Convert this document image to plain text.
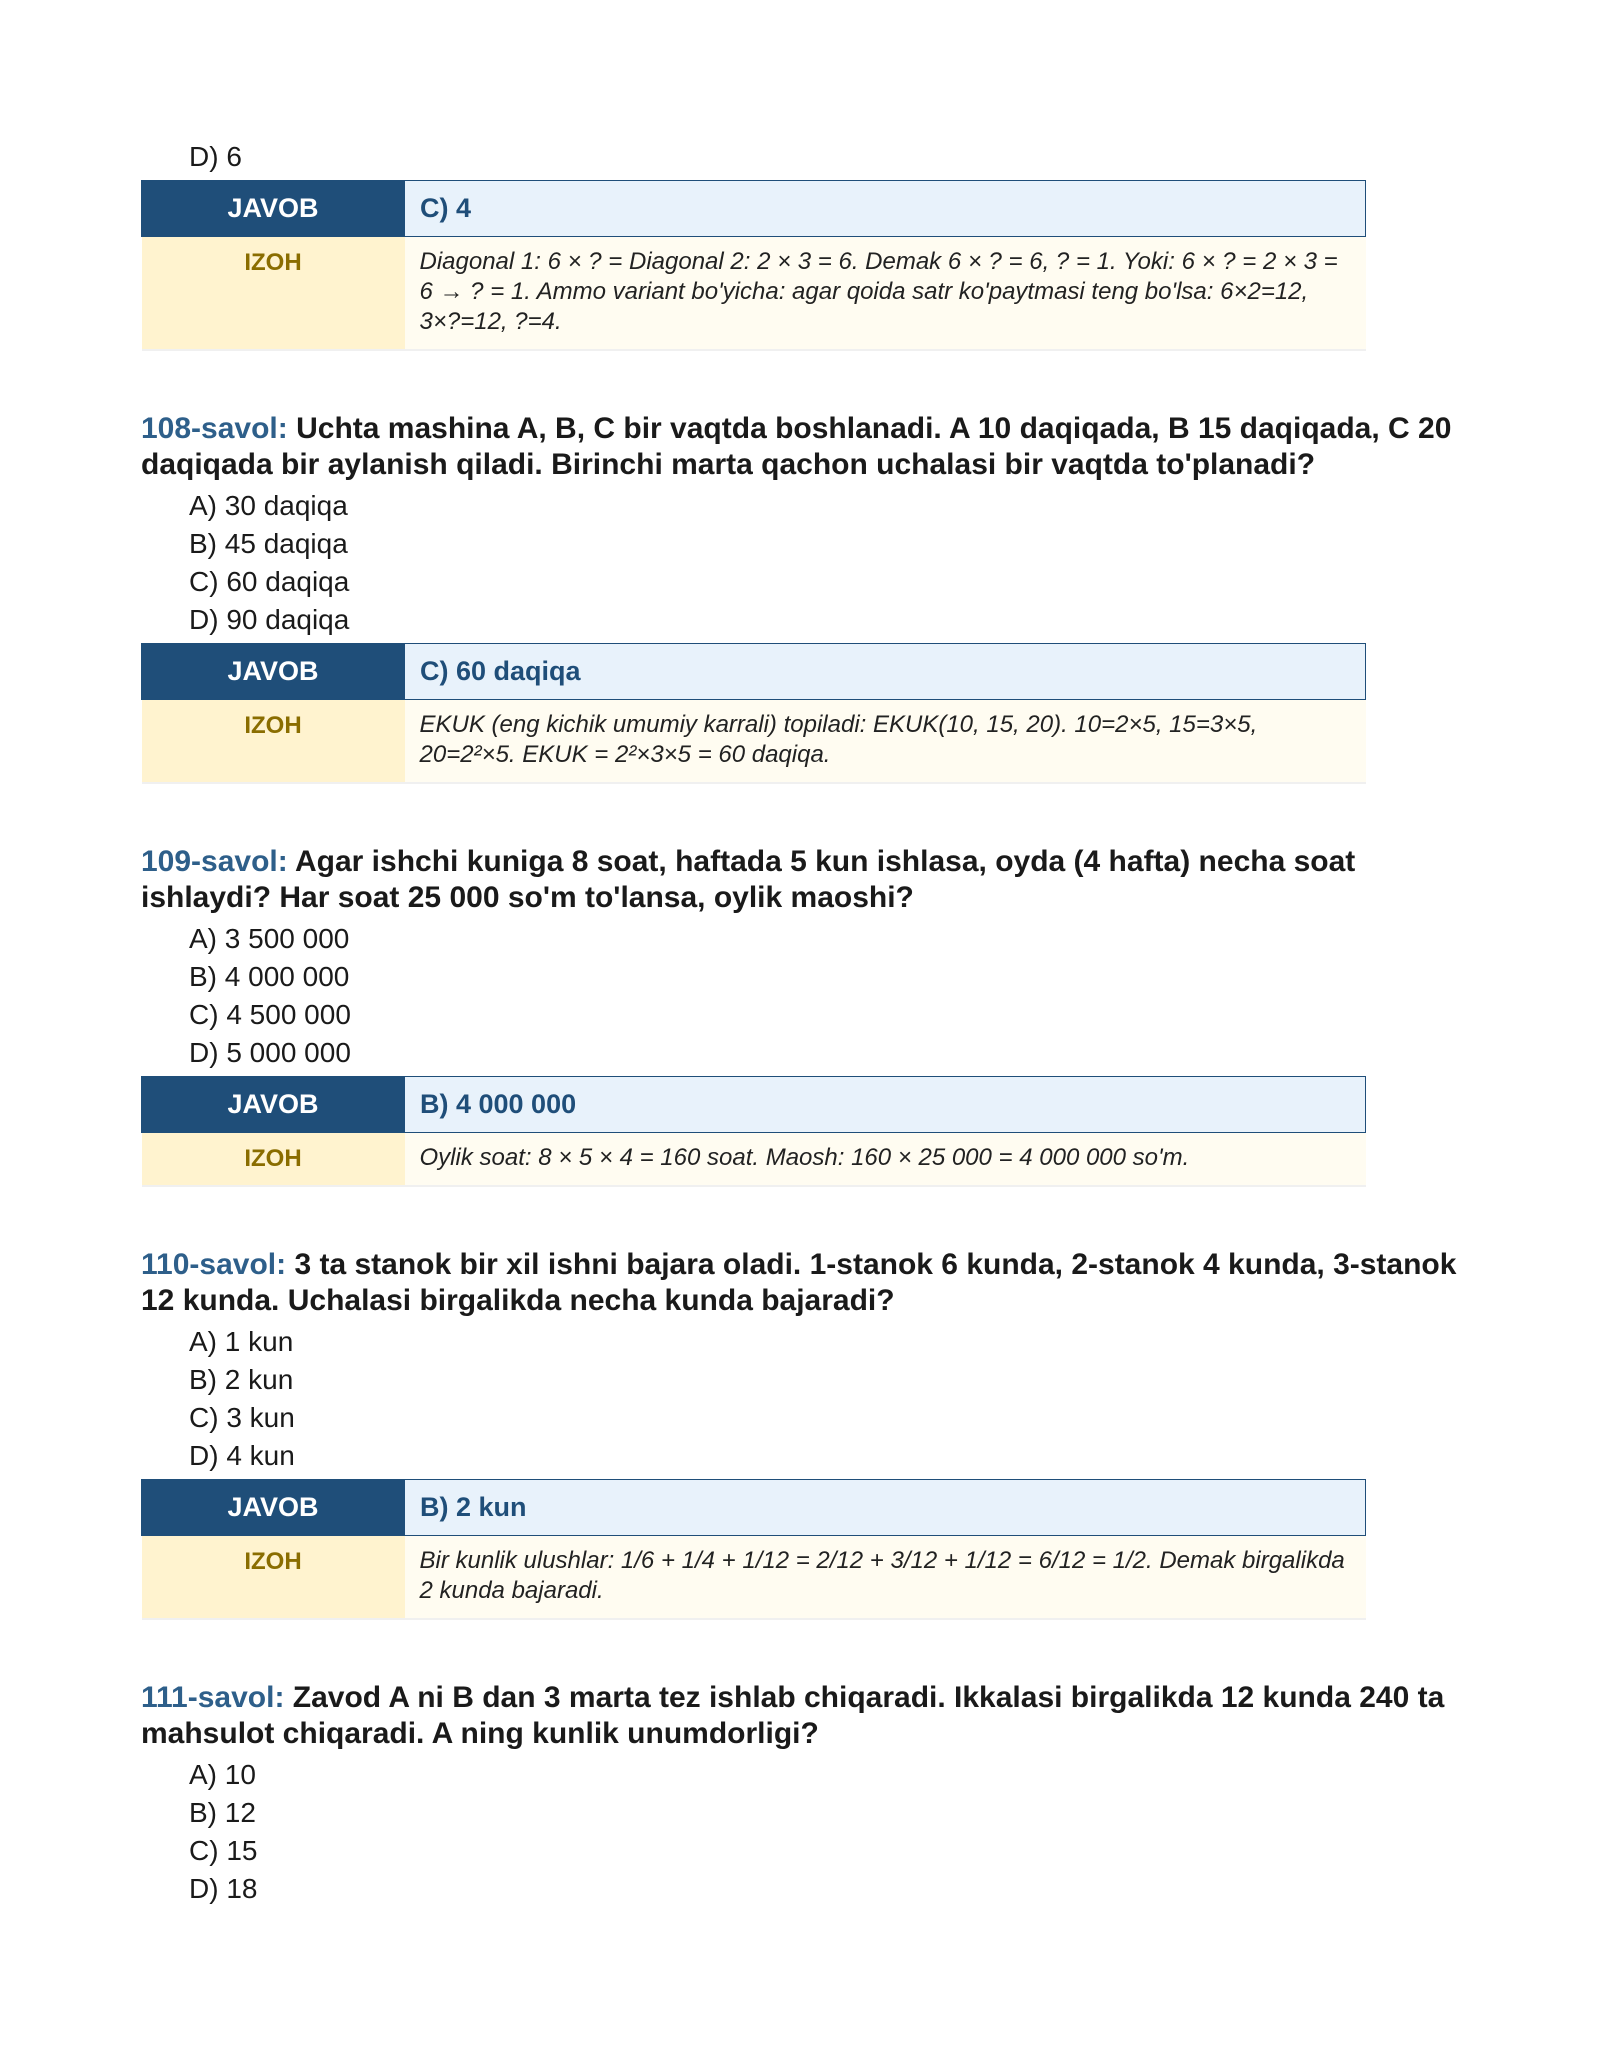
D) 6
JAVOB	C) 4
IZOH	Diagonal 1: 6 × ? = Diagonal 2: 2 × 3 = 6. Demak 6 × ? = 6, ? = 1. Yoki: 6 × ? = 2 × 3 = 6 → ? = 1. Ammo variant bo'yicha: agar qoida satr ko'paytmasi teng bo'lsa: 6×2=12, 3×?=12, ?=4.
108-savol: Uchta mashina A, B, C bir vaqtda boshlanadi. A 10 daqiqada, B 15 daqiqada, C 20 daqiqada bir aylanish qiladi. Birinchi marta qachon uchalasi bir vaqtda to'planadi?
A) 30 daqiqa
B) 45 daqiqa
C) 60 daqiqa
D) 90 daqiqa
JAVOB	C) 60 daqiqa
IZOH	EKUK (eng kichik umumiy karrali) topiladi: EKUK(10, 15, 20). 10=2×5, 15=3×5, 20=2²×5. EKUK = 2²×3×5 = 60 daqiqa.
109-savol: Agar ishchi kuniga 8 soat, haftada 5 kun ishlasa, oyda (4 hafta) necha soat ishlaydi? Har soat 25 000 so'm to'lansa, oylik maoshi?
A) 3 500 000
B) 4 000 000
C) 4 500 000
D) 5 000 000
JAVOB	B) 4 000 000
IZOH	Oylik soat: 8 × 5 × 4 = 160 soat. Maosh: 160 × 25 000 = 4 000 000 so'm.
110-savol: 3 ta stanok bir xil ishni bajara oladi. 1-stanok 6 kunda, 2-stanok 4 kunda, 3-stanok 12 kunda. Uchalasi birgalikda necha kunda bajaradi?
A) 1 kun
B) 2 kun
C) 3 kun
D) 4 kun
JAVOB	B) 2 kun
IZOH	Bir kunlik ulushlar: 1/6 + 1/4 + 1/12 = 2/12 + 3/12 + 1/12 = 6/12 = 1/2. Demak birgalikda 2 kunda bajaradi.
111-savol: Zavod A ni B dan 3 marta tez ishlab chiqaradi. Ikkalasi birgalikda 12 kunda 240 ta mahsulot chiqaradi. A ning kunlik unumdorligi?
A) 10
B) 12
C) 15
D) 18
